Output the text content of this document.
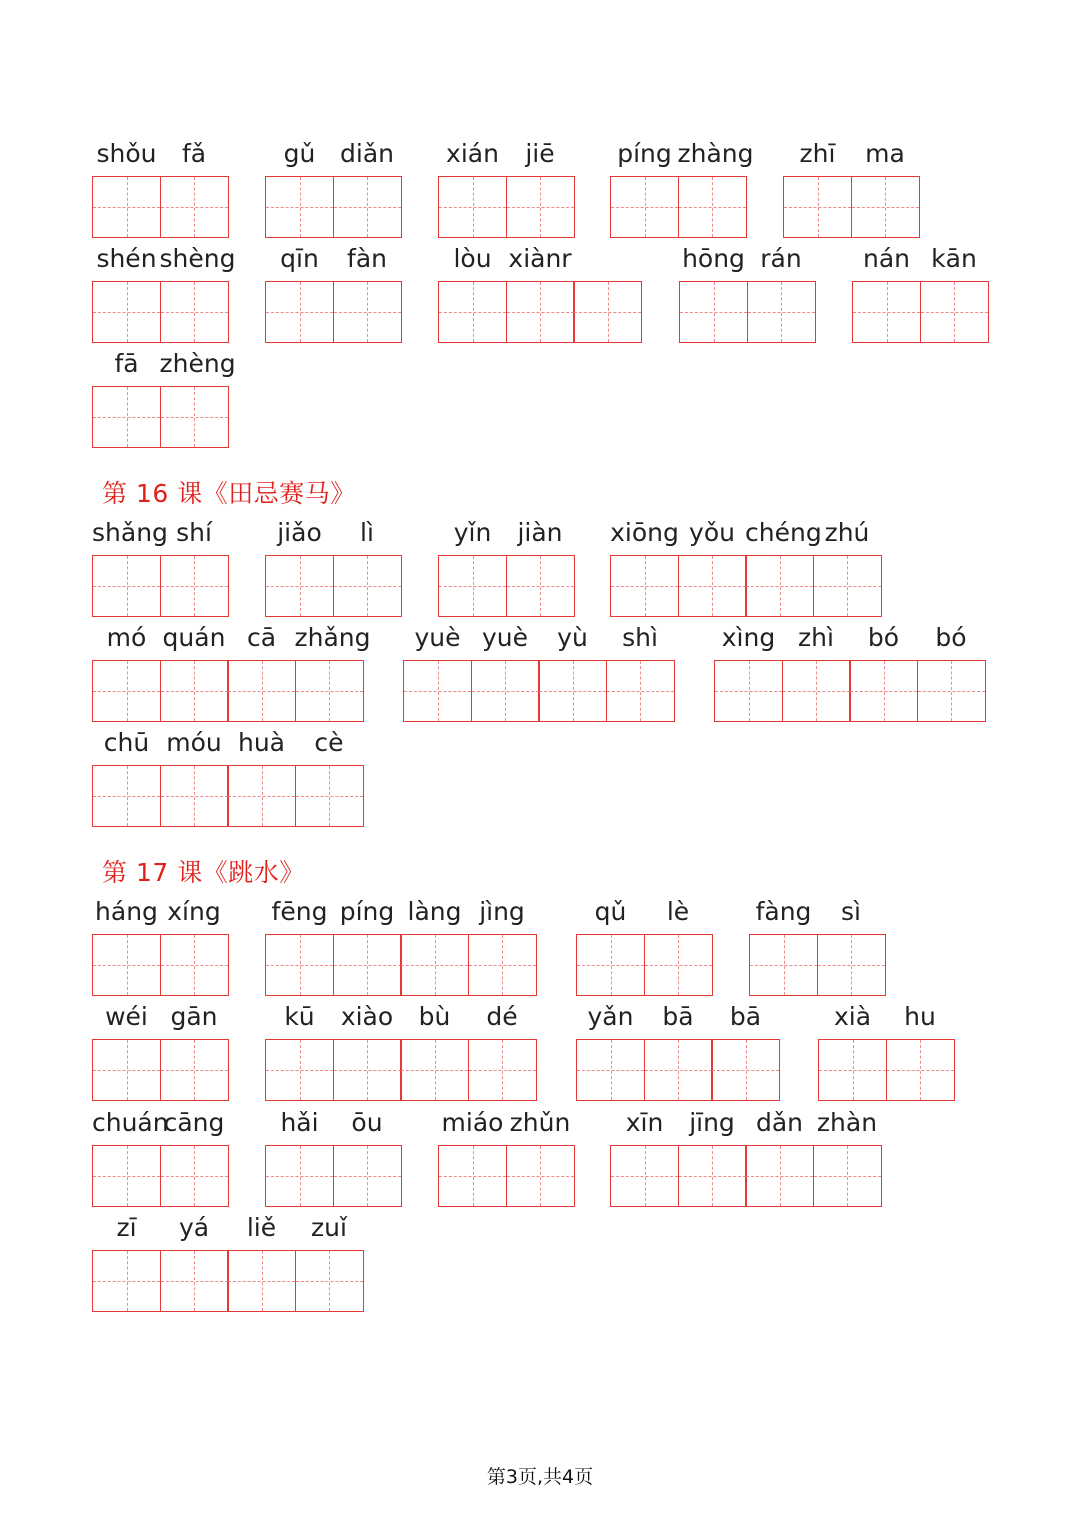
shǒu	fǎ	gǔ diǎn	xián	jiē	píng zhàng	zhī	ma
shén shèng	qīn	fàn	lòu xiànr	hōng rán	nán kān
fā zhèng
第 16 课《田忌赛马》
shǎng shí	jiǎo	lì	yǐn	jiàn	xiōng yǒu chéng zhú
mó quán cā zhǎng	yuè yuè	yù	shì	xìng zhì	bó	bó
chū móu huà	cè
第 17 课《跳水》
háng xíng	fēng píng làng jìng	qǔ	lè	fàng	sì
wéi gān	kū	xiào	bù	dé	yǎn	bā	bā	xià	hu
chuán
cāng	hǎi	ōu	miáo zhǔn	xīn	jīng dǎn zhàn
zī	yá	liě	zuǐ
第3页,共4页
